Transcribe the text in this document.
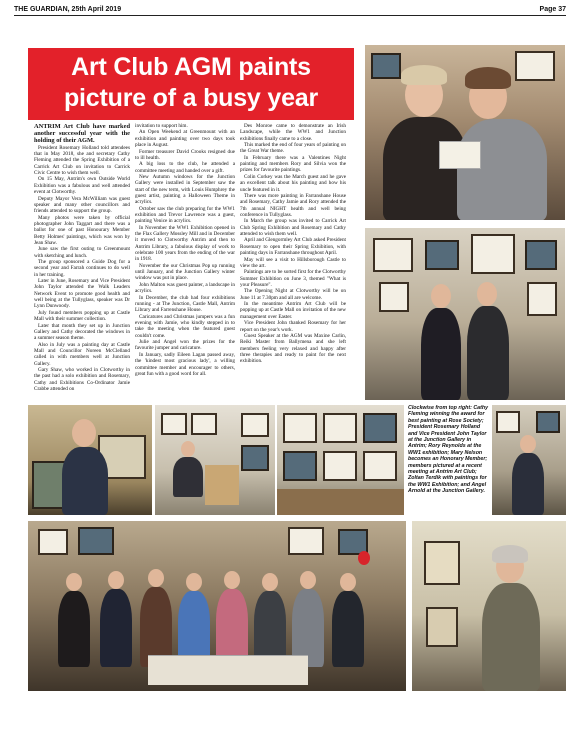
THE GUARDIAN, 25th April 2019	Page 37
Art Club AGM paints
picture of a busy year

ANTRIM Art Club have marked another successful year with the holding of their AGM.

President Rosemary Holland told attendees that in May 2018, she and secretary Cathy Fleming attended the Spring Exhibition of a Carrick Art Club on invitation to Carrick Civic Centre to wish them well.

On 15 May, Antrim's own Outside World Exhibition was a fabulous and well attended event at Clotworthy.

Deputy Mayor Vera McWilliam was guest speaker and many other councillors and friends attended to support the group.

Many photos were taken by official photographer John Taggart and there was a ballot for one of past Honourary Member Betty Holmes' paintings, which was won by Jean Shaw.

June saw the first outing to Greenmount with sketching and lunch.

The group sponsored a Guide Dog for a second year and Farrah continues to do well in her training.

Later in June, Rosemary and Vice President John Taylor attended the Walk Leaders Network Event to promote good health and well being at the Tullyglass, speaker was Dr Lynn Dunwoody.

July found members popping up at Castle Mall with their summer collection.

Later that month they set up in Junction Gallery and Cathy decorated the windows in a summer season theme.

Also in July was a painting day at Castle Mall and Councillor Noreen McClelland called in with members well at Junction Gallery.

Gary Shaw, who worked in Clotworthy in the past had a solo exhibition and Rosemary, Cathy and Exhibitions Co-Ordinator Jamie Crabbe attended on

invitation to support him.

An Open Weekend at Greenmount with an exhibition and painting over two days took place in August.

Former treasurer David Crooks resigned due to ill health.

A big loss to the club, he attended a committee meeting and handed over a gift.

New Autumn windows for the Junction Gallery were installed in September saw the start of the new term, with Louis Humphrey the guest artist, painting a Halloween Theme in acrylics.

October saw the club preparing for the WW1 exhibition and Trevor Lawrence was a guest, painting Venice in acrylics.

In November the WW1 Exhibition opened in the Flax Gallery Mossley Mill and in December it moved to Clotworthy Antrim and then to Antrim Library, a fabulous display of work to celebrate 100 years from the ending of the war in 1918.

November the our Christmas Pop up running until January, and the Junction Gallery winter window was put in place.

John Malton was guest painter, a landscape in acrylics.

In December, the club had four exhibitions running - at The Junction, Castle Mall, Antrim Library and Farrenshane House.

Caricatures and Christmas jumpers was a fun evening with Jamie, who kindly stepped in to take the meeting when the featured guest couldn't come.

Julie and Angel won the prizes for the favourite jumper and caricature.

In January, sadly Eileen Lagan passed away, the 'kindest most gracious lady', a willing committee member and encourager to others, great fun with a good word for all.

Des Monroe came to demonstrate an Irish Landscape, while the WW1 and Junction exhibitions finally came to a close.

This marked the end of four years of painting on the Great War theme.

In February there was a Valentines Night painting and members Rory and Silvia won the prizes for favourite paintings.

Colin Corkey was the March guest and he gave an excellent talk about his painting and how his uncle featured in it.

There was more painting in Farranshane House and Rosemary, Cathy Jamie and Rory attended the 7th annual NIGHT health and well being conference in Tullyglass.

In March the group was invited to Carrick Art Club Spring Exhibition and Rosemary and Cathy attended to wish them well.

April and Glengormley Art Club asked President Rosemary to open their Spring Exhibition, with painting days in Farranshane throughout April.

May will see a visit to Hillsborough Castle to view the art.

Paintings are to be sorted first for the Clotworthy Summer Exhibition on June 3, themed "What is your Pleasure".

The Opening Night at Clotworthy will be on June 11 at 7.30pm and all are welcome.

In the meantime Antrim Art Club will be popping up at Castle Mall on invitation of the new management over Easter.

Vice President John thanked Rosemary for her report on the year's work.

Guest Speaker at the AGM was Maxine Carlin, Reiki Master from Ballymena and she left members feeling very relaxed and happy after three therapies and ready to paint for the next exhibition.

Clockwise from top right: Cathy Fleming winning the award for best painting at Rose Society; President Rosemary Holland and Vice President John Taylor at the Junction Gallery in Antrim; Rory Reynolds at the WW1 exhibition; Mary Nelson becomes an Honorary Member; members pictured at a recent meeting at Antrim Art Club; Zoltan Terdik with paintings for the WW1 Exhibition; and Angel Arnold at the Junction Gallery.
